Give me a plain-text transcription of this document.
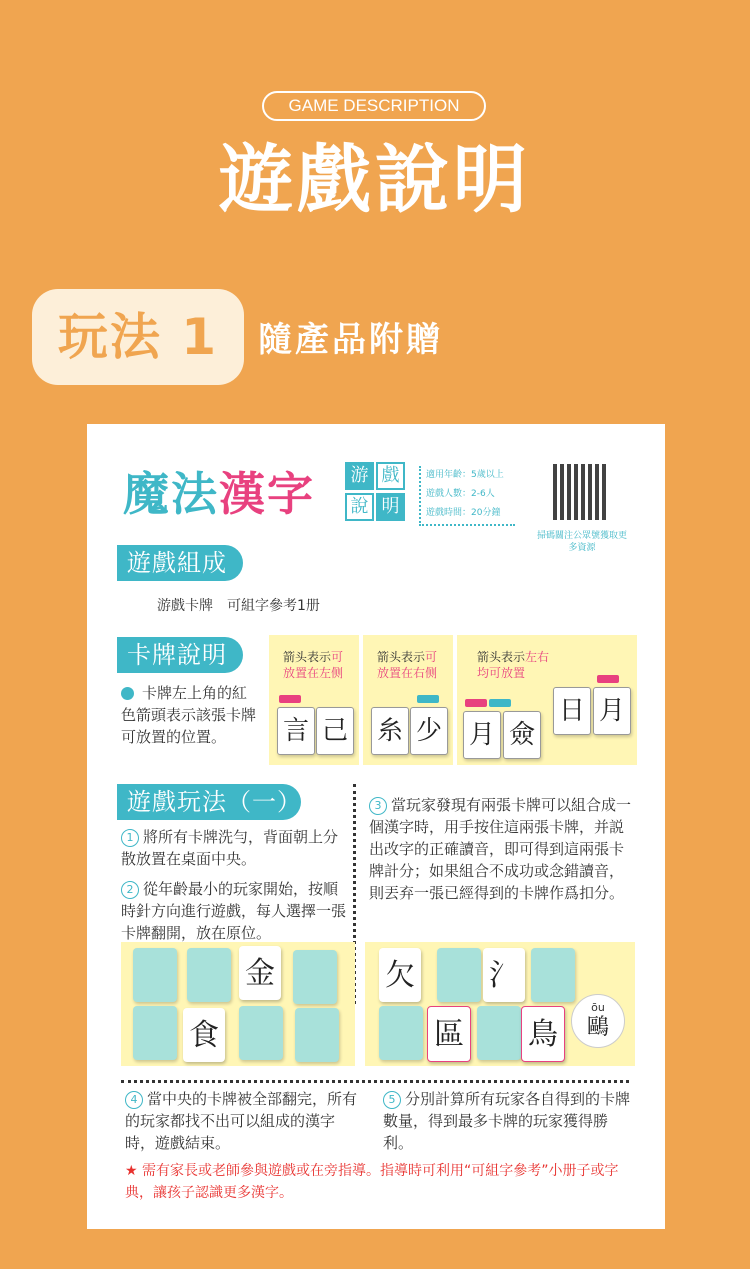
GAME DESCRIPTION
遊戲說明
玩法 1	隨產品附贈
魔法漢字	游 戲
說 明
適用年齡：5歲以上
遊戲人數：2-6人
遊戲時間：20分鐘
掃碼關注公眾號獲取更多資源
遊戲組成
游戲卡牌　可組字參考1册
卡牌說明
卡牌左上角的紅色箭頭表示該張卡牌可放置的位置。
箭头表示可
放置在左侧
言 己
箭头表示可
放置在右侧
糸 少
箭头表示左右
均可放置
月 僉
日 月
遊戲玩法（一）
1 將所有卡牌洗勻，背面朝上分散放置在桌面中央。
2 從年齡最小的玩家開始，按順時針方向進行遊戲，每人選擇一張卡牌翻開，放在原位。
3 當玩家發現有兩張卡牌可以組合成一個漢字時，用手按住這兩張卡牌，并説出改字的正確讀音，即可得到這兩張卡牌計分；如果組合不成功或念錯讀音，則丟弃一張已經得到的卡牌作爲扣分。
金
食
欠 氵
區 鳥
ōu
鷗
4 當中央的卡牌被全部翻完，所有的玩家都找不出可以組成的漢字時，遊戲結束。
5 分別計算所有玩家各自得到的卡牌數量，得到最多卡牌的玩家獲得勝利。
★ 需有家長或老師參與遊戲或在旁指導。指導時可利用“可組字參考”小册子或字典，讓孩子認識更多漢字。
